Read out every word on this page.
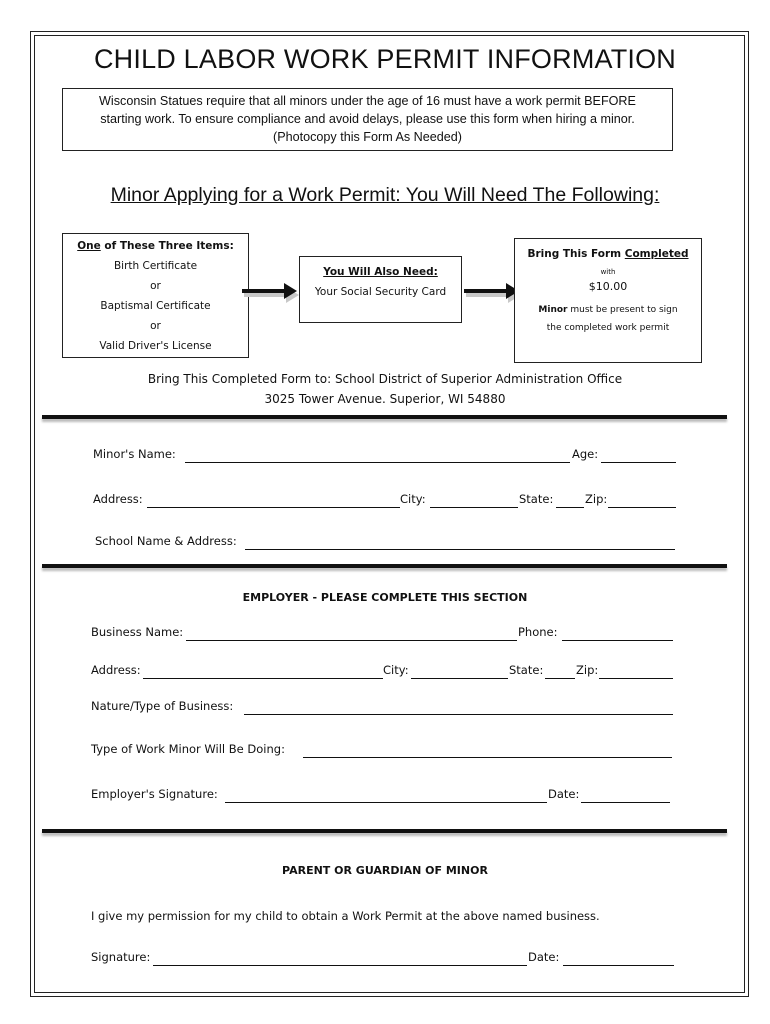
CHILD LABOR WORK PERMIT INFORMATION
Wisconsin Statues require that all minors under the age of 16 must have a work permit BEFORE
starting work. To ensure compliance and avoid delays, please use this form when hiring a minor.
(Photocopy this Form As Needed)
Minor Applying for a Work Permit: You Will Need The Following:
One of These Three Items:
Birth Certificate
or
Baptismal Certificate
or
Valid Driver's License
You Will Also Need:
Your Social Security Card
Bring This Form Completed
with
$10.00
Minor must be present to sign
the completed work permit
Bring This Completed Form to: School District of Superior Administration Office
3025 Tower Avenue. Superior, WI 54880
Minor's Name:	Age:
Address:	City:	State:	Zip:
School Name & Address:
EMPLOYER - PLEASE COMPLETE THIS SECTION
Business Name:	Phone:
Address:	City:	State:	Zip:
Nature/Type of Business:
Type of Work Minor Will Be Doing:
Employer's Signature:	Date:
PARENT OR GUARDIAN OF MINOR
I give my permission for my child to obtain a Work Permit at the above named business.
Signature:	Date:
